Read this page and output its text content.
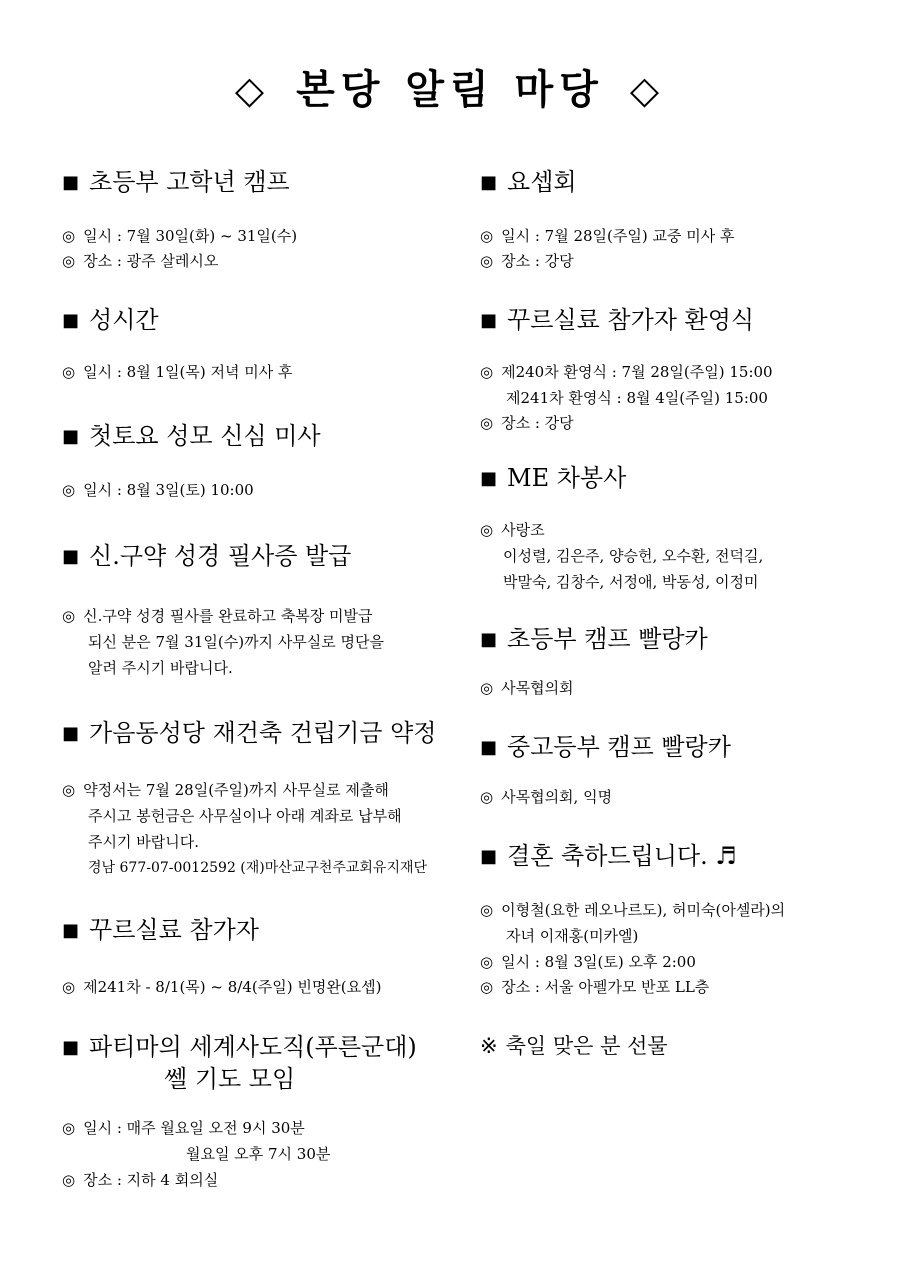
◇ 본당 알림 마당 ◇
■ 초등부 고학년 캠프
◎ 일시 : 7월 30일(화) ~ 31일(수)
◎ 장소 : 광주 살레시오
■ 성시간
◎ 일시 : 8월 1일(목) 저녁 미사 후
■ 첫토요 성모 신심 미사
◎ 일시 : 8월 3일(토) 10:00
■ 신.구약 성경 필사증 발급
◎ 신.구약 성경 필사를 완료하고 축복장 미발급
되신 분은 7월 31일(수)까지 사무실로 명단을
알려 주시기 바랍니다.
■ 가음동성당 재건축 건립기금 약정
◎ 약정서는 7월 28일(주일)까지 사무실로 제출해
주시고 봉헌금은 사무실이나 아래 계좌로 납부해
주시기 바랍니다.
경남 677-07-0012592 (재)마산교구천주교회유지재단
■ 꾸르실료 참가자
◎ 제241차 - 8/1(목) ~ 8/4(주일) 빈명완(요셉)
■ 파티마의 세계사도직(푸른군대)
쎌 기도 모임
◎ 일시 : 매주 월요일 오전 9시 30분
월요일 오후 7시 30분
◎ 장소 : 지하 4 회의실
■ 요셉회
◎ 일시 : 7월 28일(주일) 교중 미사 후
◎ 장소 : 강당
■ 꾸르실료 참가자 환영식
◎ 제240차 환영식 : 7월 28일(주일) 15:00
제241차 환영식 : 8월 4일(주일) 15:00
◎ 장소 : 강당
■ ME 차봉사
◎ 사랑조
이성렬, 김은주, 양승헌, 오수환, 전덕길,
박말숙, 김창수, 서정애, 박동성, 이정미
■ 초등부 캠프 빨랑카
◎ 사목협의회
■ 중고등부 캠프 빨랑카
◎ 사목협의회, 익명
■ 결혼 축하드립니다. ♬
◎ 이형철(요한 레오나르도), 허미숙(아셀라)의
자녀 이재홍(미카엘)
◎ 일시 : 8월 3일(토) 오후 2:00
◎ 장소 : 서울 아펠가모 반포 LL층
※ 축일 맞은 분 선물
